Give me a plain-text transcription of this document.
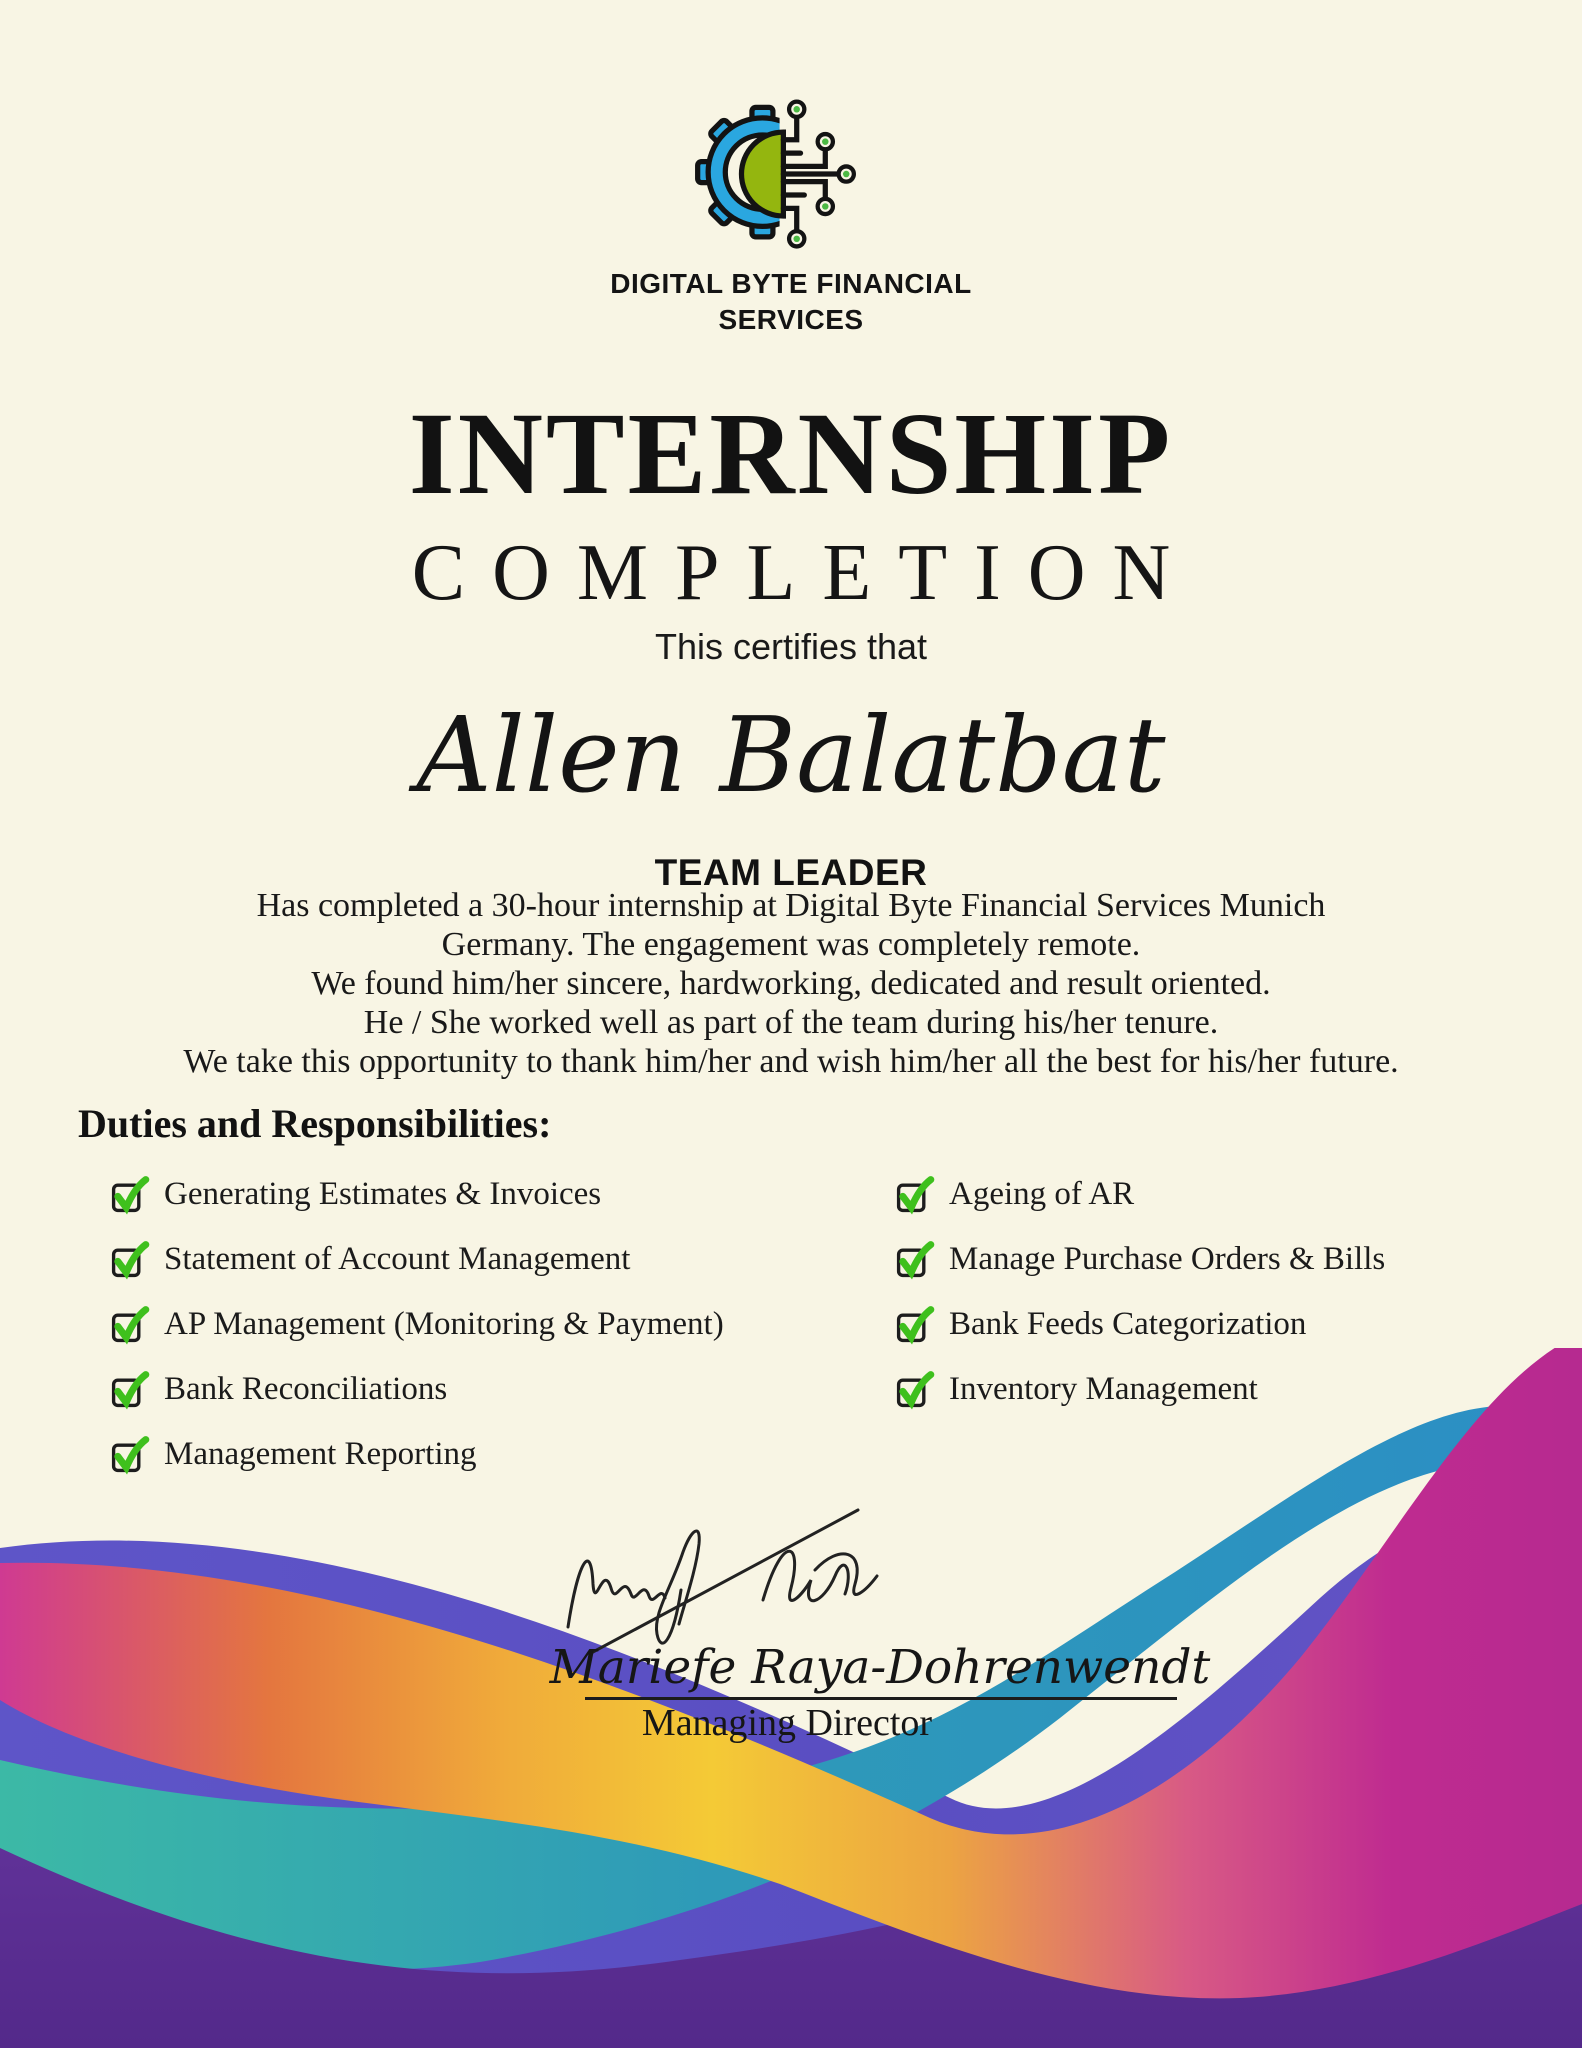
DIGITAL BYTE FINANCIAL
SERVICES
INTERNSHIP
COMPLETION
This certifies that
Allen Balatbat
TEAM LEADER
Has completed a 30-hour internship at Digital Byte Financial Services Munich
Germany. The engagement was completely remote.
We found him/her sincere, hardworking, dedicated and result oriented.
He / She worked well as part of the team during his/her tenure.
We take this opportunity to thank him/her and wish him/her all the best for his/her future.
Duties and Responsibilities:
Generating Estimates & Invoices
Statement of Account Management
AP Management (Monitoring & Payment)
Bank Reconciliations
Management Reporting
Ageing of AR
Manage Purchase Orders & Bills
Bank Feeds Categorization
Inventory Management
Mariefe Raya-Dohrenwendt
Managing Director
